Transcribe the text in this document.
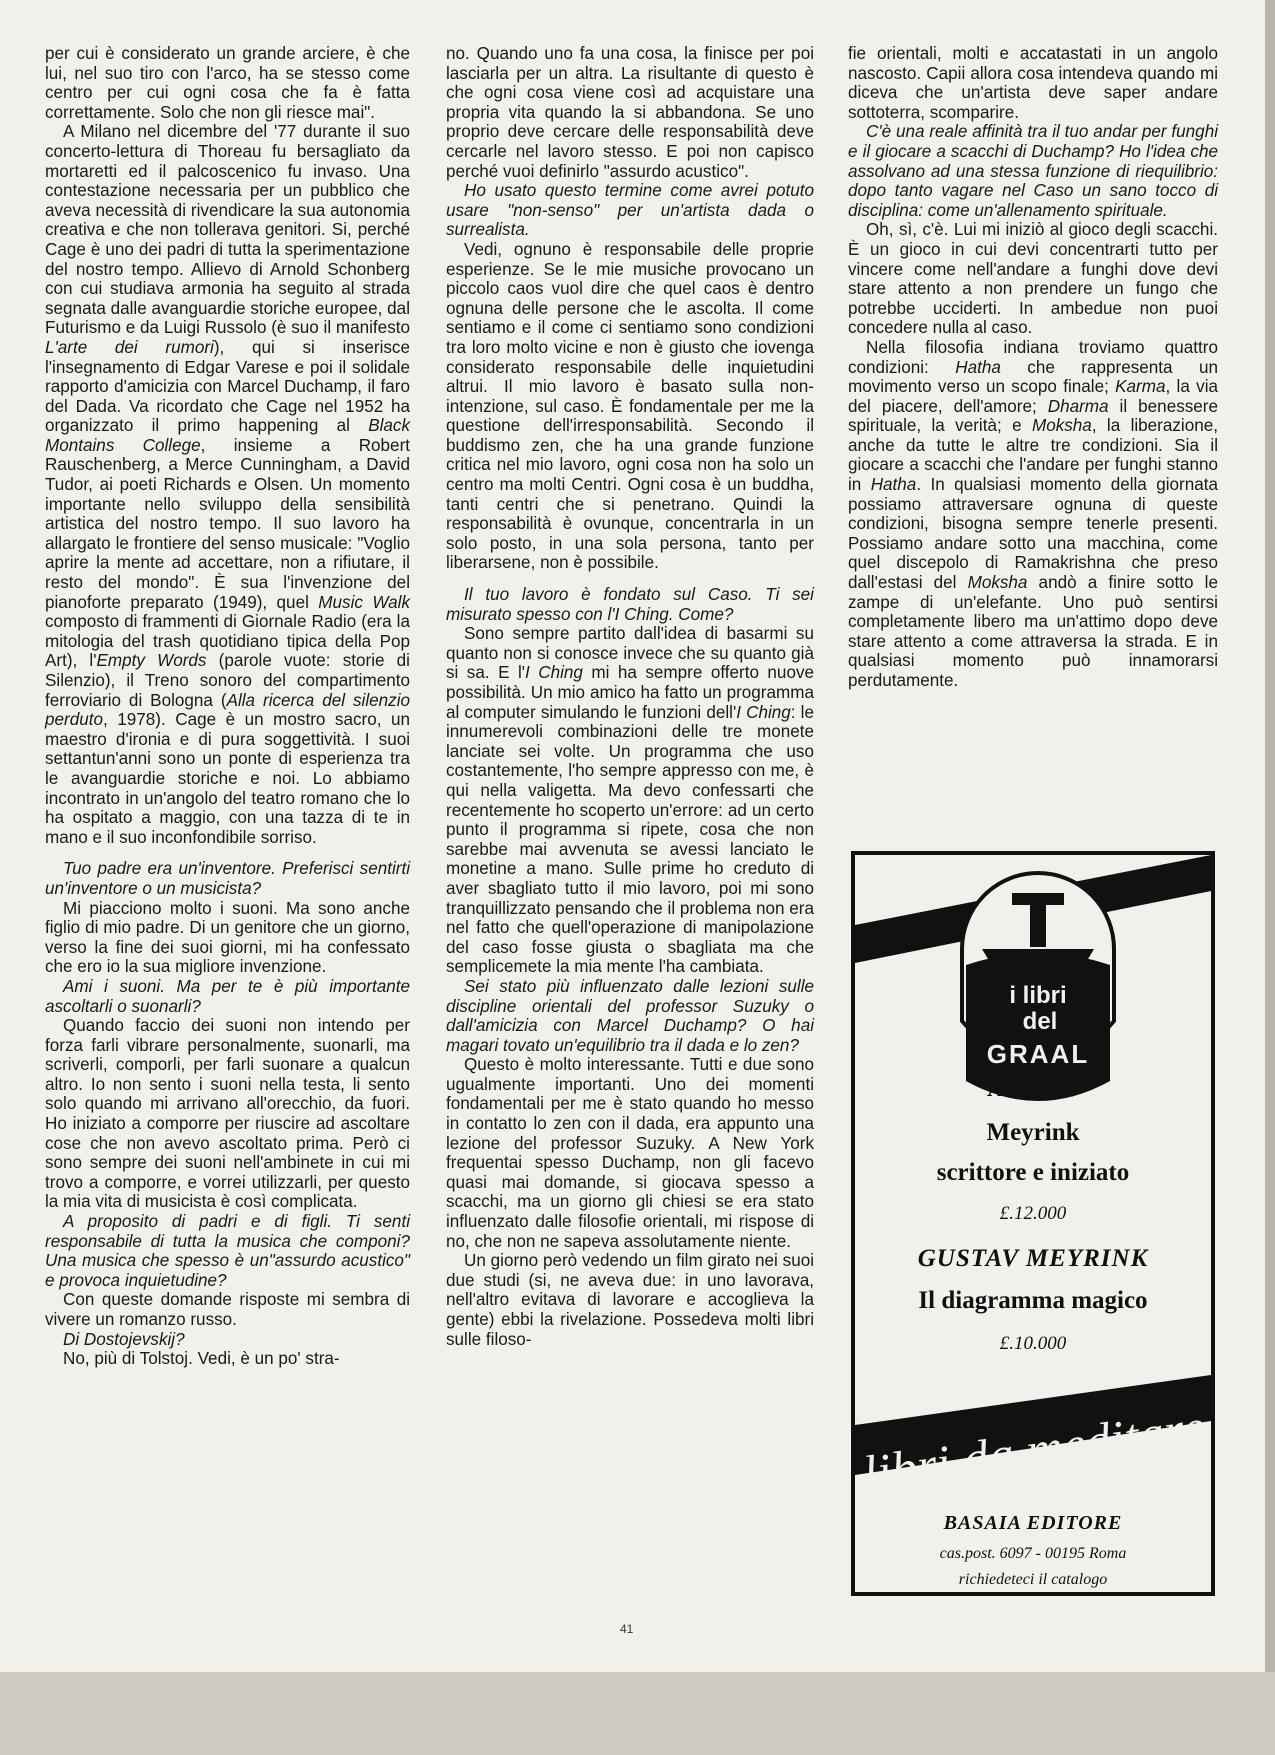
per cui è considerato un grande arciere, è che lui, nel suo tiro con l'arco, ha se stesso come centro per cui ogni cosa che fa è fatta correttamente. Solo che non gli riesce mai".

A Milano nel dicembre del '77 durante il suo concerto-lettura di Thoreau fu bersagliato da mortaretti ed il palcoscenico fu invaso. Una contestazione necessaria per un pubblico che aveva necessità di rivendicare la sua autonomia creativa e che non tollerava genitori. Si, perché Cage è uno dei padri di tutta la sperimentazione del nostro tempo. Allievo di Arnold Schonberg con cui studiava armonia ha seguito al strada segnata dalle avanguardie storiche europee, dal Futurismo e da Luigi Russolo (è suo il manifesto L'arte dei rumori), qui si inserisce l'insegnamento di Edgar Varese e poi il solidale rapporto d'amicizia con Marcel Duchamp, il faro del Dada. Va ricordato che Cage nel 1952 ha organizzato il primo happening al Black Montains College, insieme a Robert Rauschenberg, a Merce Cunningham, a David Tudor, ai poeti Richards e Olsen. Un momento importante nello sviluppo della sensibilità artistica del nostro tempo. Il suo lavoro ha allargato le frontiere del senso musicale: "Voglio aprire la mente ad accettare, non a rifiutare, il resto del mondo". È sua l'invenzione del pianoforte preparato (1949), quel Music Walk composto di frammenti di Giornale Radio (era la mitologia del trash quotidiano tipica della Pop Art), l'Empty Words (parole vuote: storie di Silenzio), il Treno sonoro del compartimento ferroviario di Bologna (Alla ricerca del silenzio perduto, 1978). Cage è un mostro sacro, un maestro d'ironia e di pura soggettività. I suoi settantun'anni sono un ponte di esperienza tra le avanguardie storiche e noi. Lo abbiamo incontrato in un'angolo del teatro romano che lo ha ospitato a maggio, con una tazza di te in mano e il suo inconfondibile sorriso.

Tuo padre era un'inventore. Preferisci sentirti un'inventore o un musicista?

Mi piacciono molto i suoni. Ma sono anche figlio di mio padre. Di un genitore che un giorno, verso la fine dei suoi giorni, mi ha confessato che ero io la sua migliore invenzione.

Ami i suoni. Ma per te è più importante ascoltarli o suonarli?

Quando faccio dei suoni non intendo per forza farli vibrare personalmente, suonarli, ma scriverli, comporli, per farli suonare a qualcun altro. Io non sento i suoni nella testa, li sento solo quando mi arrivano all'orecchio, da fuori. Ho iniziato a comporre per riuscire ad ascoltare cose che non avevo ascoltato prima. Però ci sono sempre dei suoni nell'ambinete in cui mi trovo a comporre, e vorrei utilizzarli, per questo la mia vita di musicista è così complicata.

A proposito di padri e di figli. Ti senti responsabile di tutta la musica che componi? Una musica che spesso è un"assurdo acustico" e provoca inquietudine?

Con queste domande risposte mi sembra di vivere un romanzo russo.

Di Dostojevskij?

No, più di Tolstoj. Vedi, è un po' stra-

no. Quando uno fa una cosa, la finisce per poi lasciarla per un altra. La risultante di questo è che ogni cosa viene così ad acquistare una propria vita quando la si abbandona. Se uno proprio deve cercare delle responsabilità deve cercarle nel lavoro stesso. E poi non capisco perché vuoi definirlo "assurdo acustico".

Ho usato questo termine come avrei potuto usare "non-senso" per un'artista dada o surrealista.

Vedi, ognuno è responsabile delle proprie esperienze. Se le mie musiche provocano un piccolo caos vuol dire che quel caos è dentro ognuna delle persone che le ascolta. Il come sentiamo e il come ci sentiamo sono condizioni tra loro molto vicine e non è giusto che iovenga considerato responsabile delle inquietudini altrui. Il mio lavoro è basato sulla non-intenzione, sul caso. È fondamentale per me la questione dell'irresponsabilità. Secondo il buddismo zen, che ha una grande funzione critica nel mio lavoro, ogni cosa non ha solo un centro ma molti Centri. Ogni cosa è un buddha, tanti centri che si penetrano. Quindi la responsabilità è ovunque, concentrarla in un solo posto, in una sola persona, tanto per liberarsene, non è possibile.

Il tuo lavoro è fondato sul Caso. Ti sei misurato spesso con l'I Ching. Come?

Sono sempre partito dall'idea di basarmi su quanto non si conosce invece che su quanto già si sa. E l'I Ching mi ha sempre offerto nuove possibilità. Un mio amico ha fatto un programma al computer simulando le funzioni dell'I Ching: le innumerevoli combinazioni delle tre monete lanciate sei volte. Un programma che uso costantemente, l'ho sempre appresso con me, è qui nella valigetta. Ma devo confessarti che recentemente ho scoperto un'errore: ad un certo punto il programma si ripete, cosa che non sarebbe mai avvenuta se avessi lanciato le monetine a mano. Sulle prime ho creduto di aver sbagliato tutto il mio lavoro, poi mi sono tranquillizzato pensando che il problema non era nel fatto che quell'operazione di manipolazione del caso fosse giusta o sbagliata ma che semplicemete la mia mente l'ha cambiata.

Sei stato più influenzato dalle lezioni sulle discipline orientali del professor Suzuky o dall'amicizia con Marcel Duchamp? O hai magari tovato un'equilibrio tra il dada e lo zen?

Questo è molto interessante. Tutti e due sono ugualmente importanti. Uno dei momenti fondamentali per me è stato quando ho messo in contatto lo zen con il dada, era appunto una lezione del professor Suzuky. A New York frequentai spesso Duchamp, non gli facevo quasi mai domande, si giocava spesso a scacchi, ma un giorno gli chiesi se era stato influenzato dalle filosofie orientali, mi rispose di no, che non ne sapeva assolutamente niente.

Un giorno però vedendo un film girato nei suoi due studi (si, ne aveva due: in uno lavorava, nell'altro evitava di lavorare e accoglieva la gente) ebbi la rivelazione. Possedeva molti libri sulle filoso-

fie orientali, molti e accatastati in un angolo nascosto. Capii allora cosa intendeva quando mi diceva che un'artista deve saper andare sottoterra, scomparire.

C'è una reale affinità tra il tuo andar per funghi e il giocare a scacchi di Duchamp? Ho l'idea che assolvano ad una stessa funzione di riequilibrio: dopo tanto vagare nel Caso un sano tocco di disciplina: come un'allenamento spirituale.

Oh, sì, c'è. Lui mi iniziò al gioco degli scacchi. È un gioco in cui devi concentrarti tutto per vincere come nell'andare a funghi dove devi stare attento a non prendere un fungo che potrebbe ucciderti. In ambedue non puoi concedere nulla al caso.

Nella filosofia indiana troviamo quattro condizioni: Hatha che rappresenta un movimento verso un scopo finale; Karma, la via del piacere, dell'amore; Dharma il benessere spirituale, la verità; e Moksha, la liberazione, anche da tutte le altre tre condizioni. Sia il giocare a scacchi che l'andare per funghi stanno in Hatha. In qualsiasi momento della giornata possiamo attraversare ognuna di queste condizioni, bisogna sempre tenerle presenti. Possiamo andare sotto una macchina, come quel discepolo di Ramakrishna che preso dall'estasi del Moksha andò a finire sotto le zampe di un'elefante. Uno può sentirsi completamente libero ma un'attimo dopo deve stare attento a come attraversa la strada. E in qualsiasi momento può innamorarsi perdutamente.

i libri
del
GRAAL
AA. VV.
Meyrink
scrittore e iniziato
£.12.000
GUSTAV MEYRINK
Il diagramma magico
£.10.000
libri da meditare
BASAIA EDITORE
cas.post. 6097 - 00195 Roma
richiedeteci il catalogo
41
